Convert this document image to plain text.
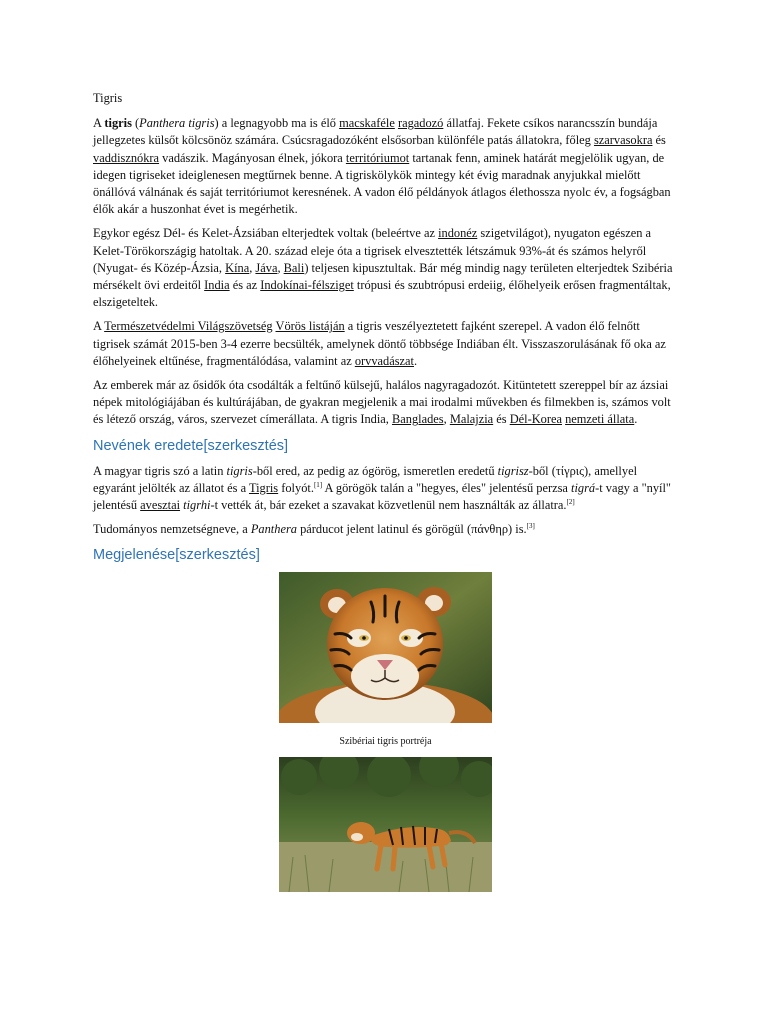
Tigris

A tigris (Panthera tigris) a legnagyobb ma is élő macskaféle ragadozó állatfaj. Fekete csíkos narancsszín bundája jellegzetes külsőt kölcsönöz számára. Csúcsragadozóként elsősorban különféle patás állatokra, főleg szarvasokra és vaddisznókra vadászik. Magányosan élnek, jókora territóriumot tartanak fenn, aminek határát megjelölik ugyan, de idegen tigriseket ideiglenesen megtűrnek benne. A tigriskölykök mintegy két évig maradnak anyjukkal mielőtt önállóvá válnának és saját territóriumot keresnének. A vadon élő példányok átlagos élethossza nyolc év, a fogságban élők akár a huszonhat évet is megérhetik.

Egykor egész Dél- és Kelet-Ázsiában elterjedtek voltak (beleértve az indonéz szigetvilágot), nyugaton egészen a Kelet-Törökországig hatoltak. A 20. század eleje óta a tigrisek elvesztették létszámuk 93%-át és számos helyről (Nyugat- és Közép-Ázsia, Kína, Jáva, Bali) teljesen kipusztultak. Bár még mindig nagy területen elterjedtek Szibéria mérsékelt övi erdeitől India és az Indokínai-félsziget trópusi és szubtrópusi erdeiig, élőhelyeik erősen fragmentáltak, elszigeteltek.

A Természetvédelmi Világszövetség Vörös listáján a tigris veszélyeztetett fajként szerepel. A vadon élő felnőtt tigrisek számát 2015-ben 3-4 ezerre becsülték, amelynek döntő többsége Indiában élt. Visszaszorulásának fő oka az élőhelyeinek eltűnése, fragmentálódása, valamint az orvvadászat.

Az emberek már az ősidők óta csodálták a feltűnő külsejű, halálos nagyragadozót. Kitüntetett szereppel bír az ázsiai népek mitológiájában és kultúrájában, de gyakran megjelenik a mai irodalmi művekben és filmekben is, számos volt és létező ország, város, szervezet címerállata. A tigris India, Banglades, Malajzia és Dél-Korea nemzeti állata.

Nevének eredete[szerkesztés]

A magyar tigris szó a latin tigris-ből ered, az pedig az ógörög, ismeretlen eredetű tigrisz-ből (τίγρις), amellyel egyaránt jelölték az állatot és a Tigris folyót.[1] A görögök talán a "hegyes, éles" jelentésű perzsa tigrá-t vagy a "nyíl" jelentésű avesztai tigrhi-t vették át, bár ezeket a szavakat közvetlenül nem használták az állatra.[2]

Tudományos nemzetségneve, a Panthera párducot jelent latinul és görögül (πάνθηρ) is.[3]

Megjelenése[szerkesztés]
Szibériai tigris portréja
